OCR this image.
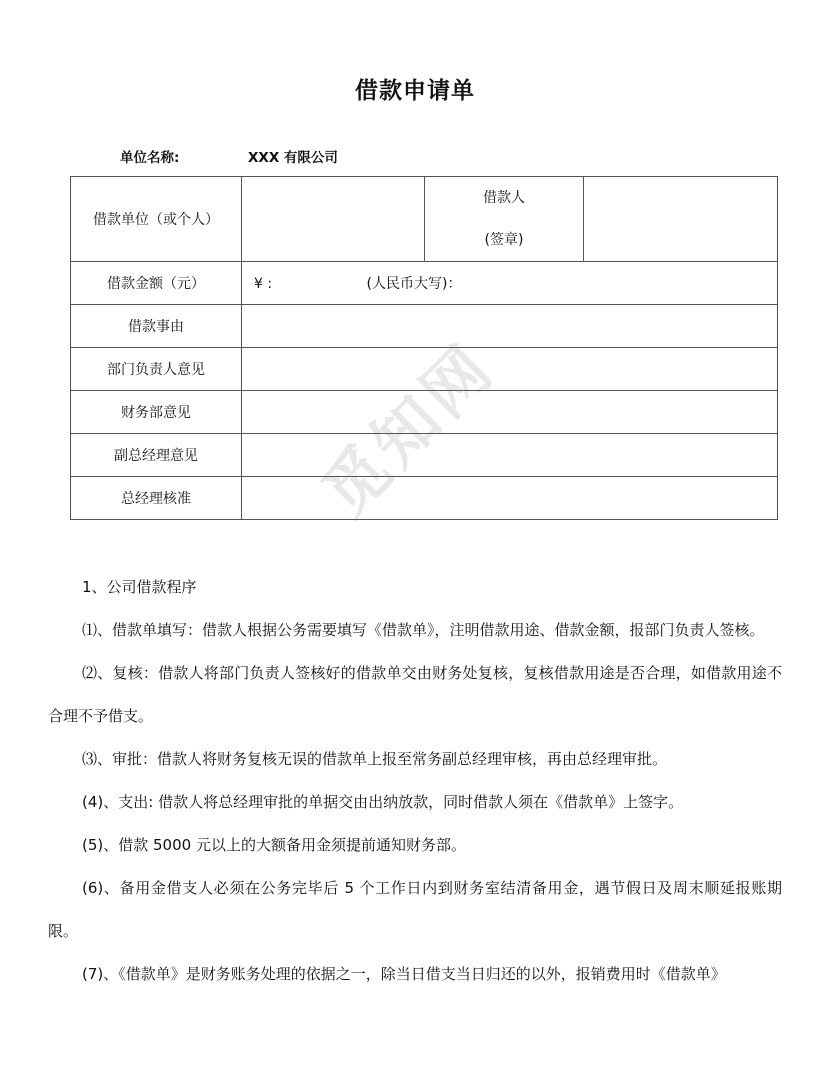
借款申请单
单位名称:	XXX 有限公司
觅知网
借款单位（或个人）		借款人
(签章)	

借款金额（元）	¥ : (人民币大写)：		
借款事由			
部门负责人意见			
财务部意见			
副总经理意见			
总经理核准			

1、公司借款程序

⑴、借款单填写：借款人根据公务需要填写《借款单》，注明借款用途、借款金额，报部门负责人签核。

⑵、复核：借款人将部门负责人签核好的借款单交由财务处复核，复核借款用途是否合理，如借款用途不合理不予借支。

⑶、审批：借款人将财务复核无误的借款单上报至常务副总经理审核，再由总经理审批。

(4)、支出: 借款人将总经理审批的单据交由出纳放款，同时借款人须在《借款单》上签字。

(5)、借款 5000 元以上的大额备用金须提前通知财务部。

(6)、备用金借支人必须在公务完毕后 5 个工作日内到财务室结清备用金，遇节假日及周末顺延报账期限。

(7)、《借款单》是财务账务处理的依据之一，除当日借支当日归还的以外，报销费用时《借款单》
